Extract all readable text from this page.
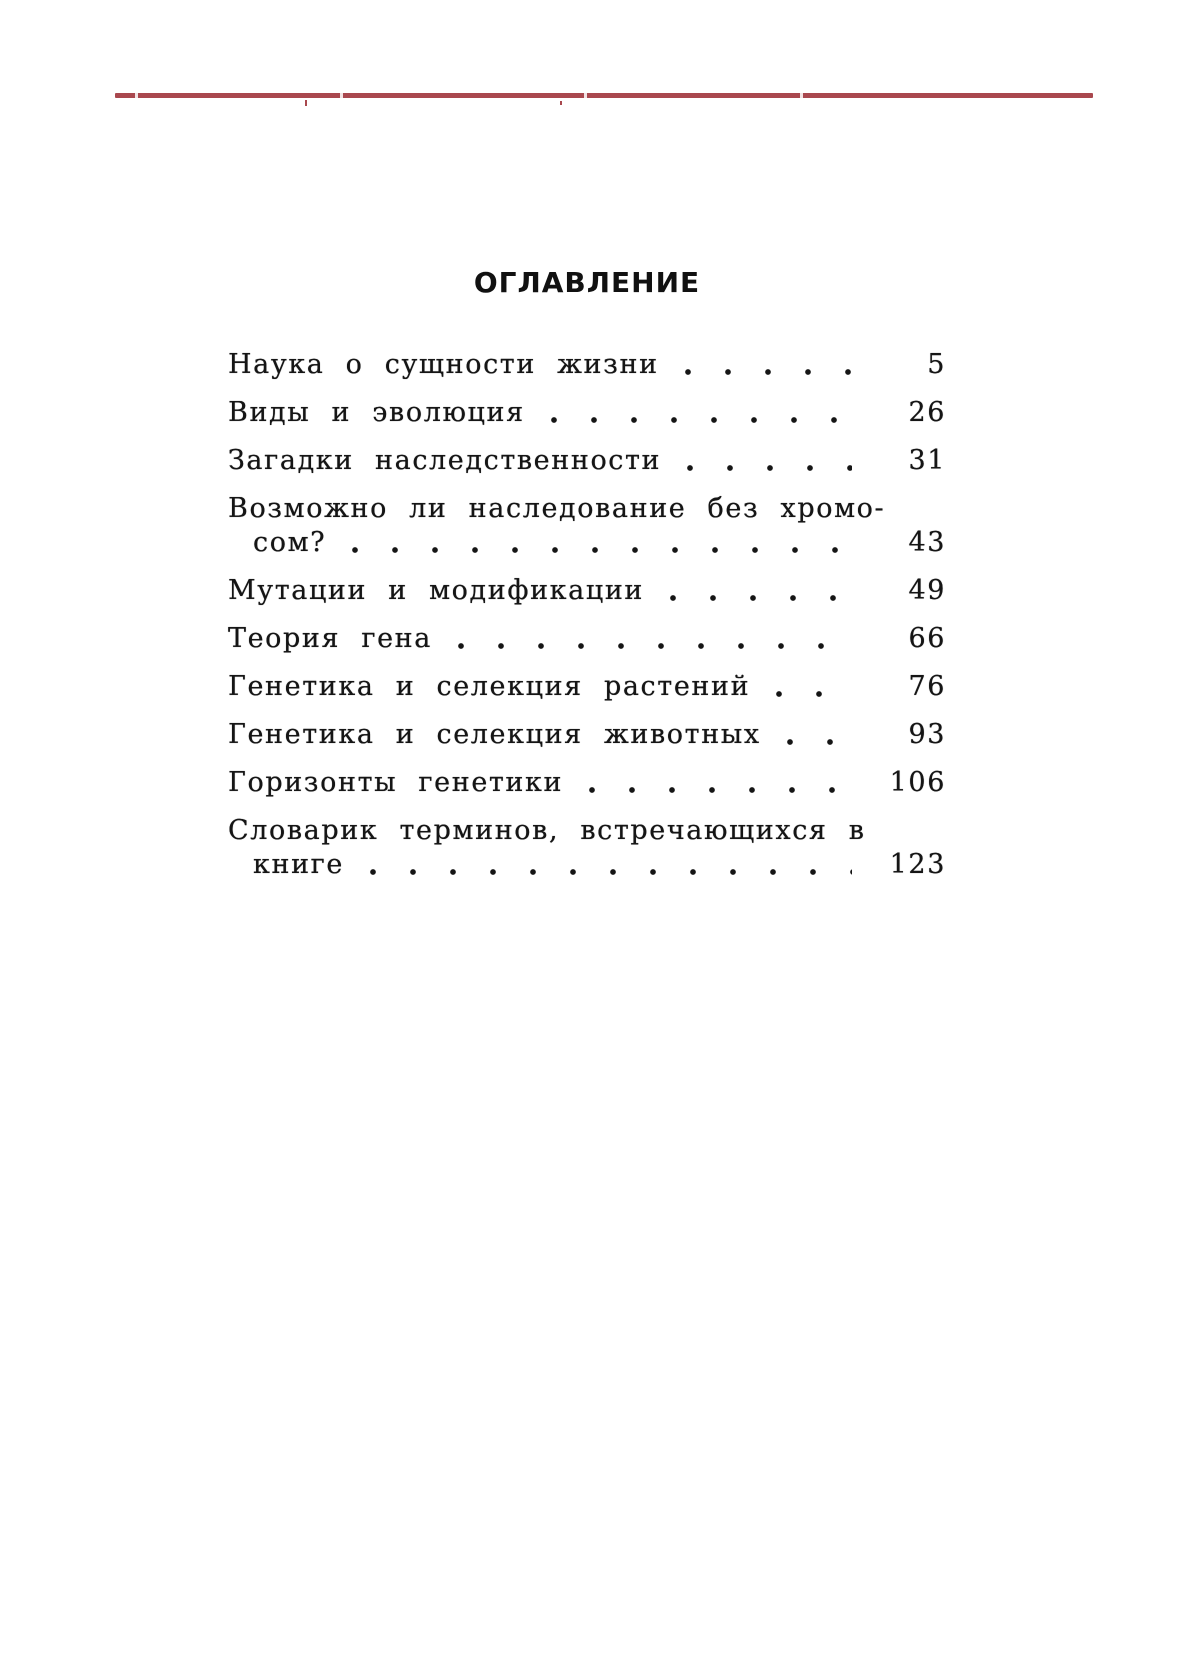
ОГЛАВЛЕНИЕ
Наука о сущности жизни	5
Виды и эволюция	26
Загадки наследственности	31
Возможно ли наследование без хромо-
сом?	43
Мутации и модификации	49
Теория гена	66
Генетика и селекция растений	76
Генетика и селекция животных	93
Горизонты генетики	106
Словарик терминов, встречающихся в
книге	123
